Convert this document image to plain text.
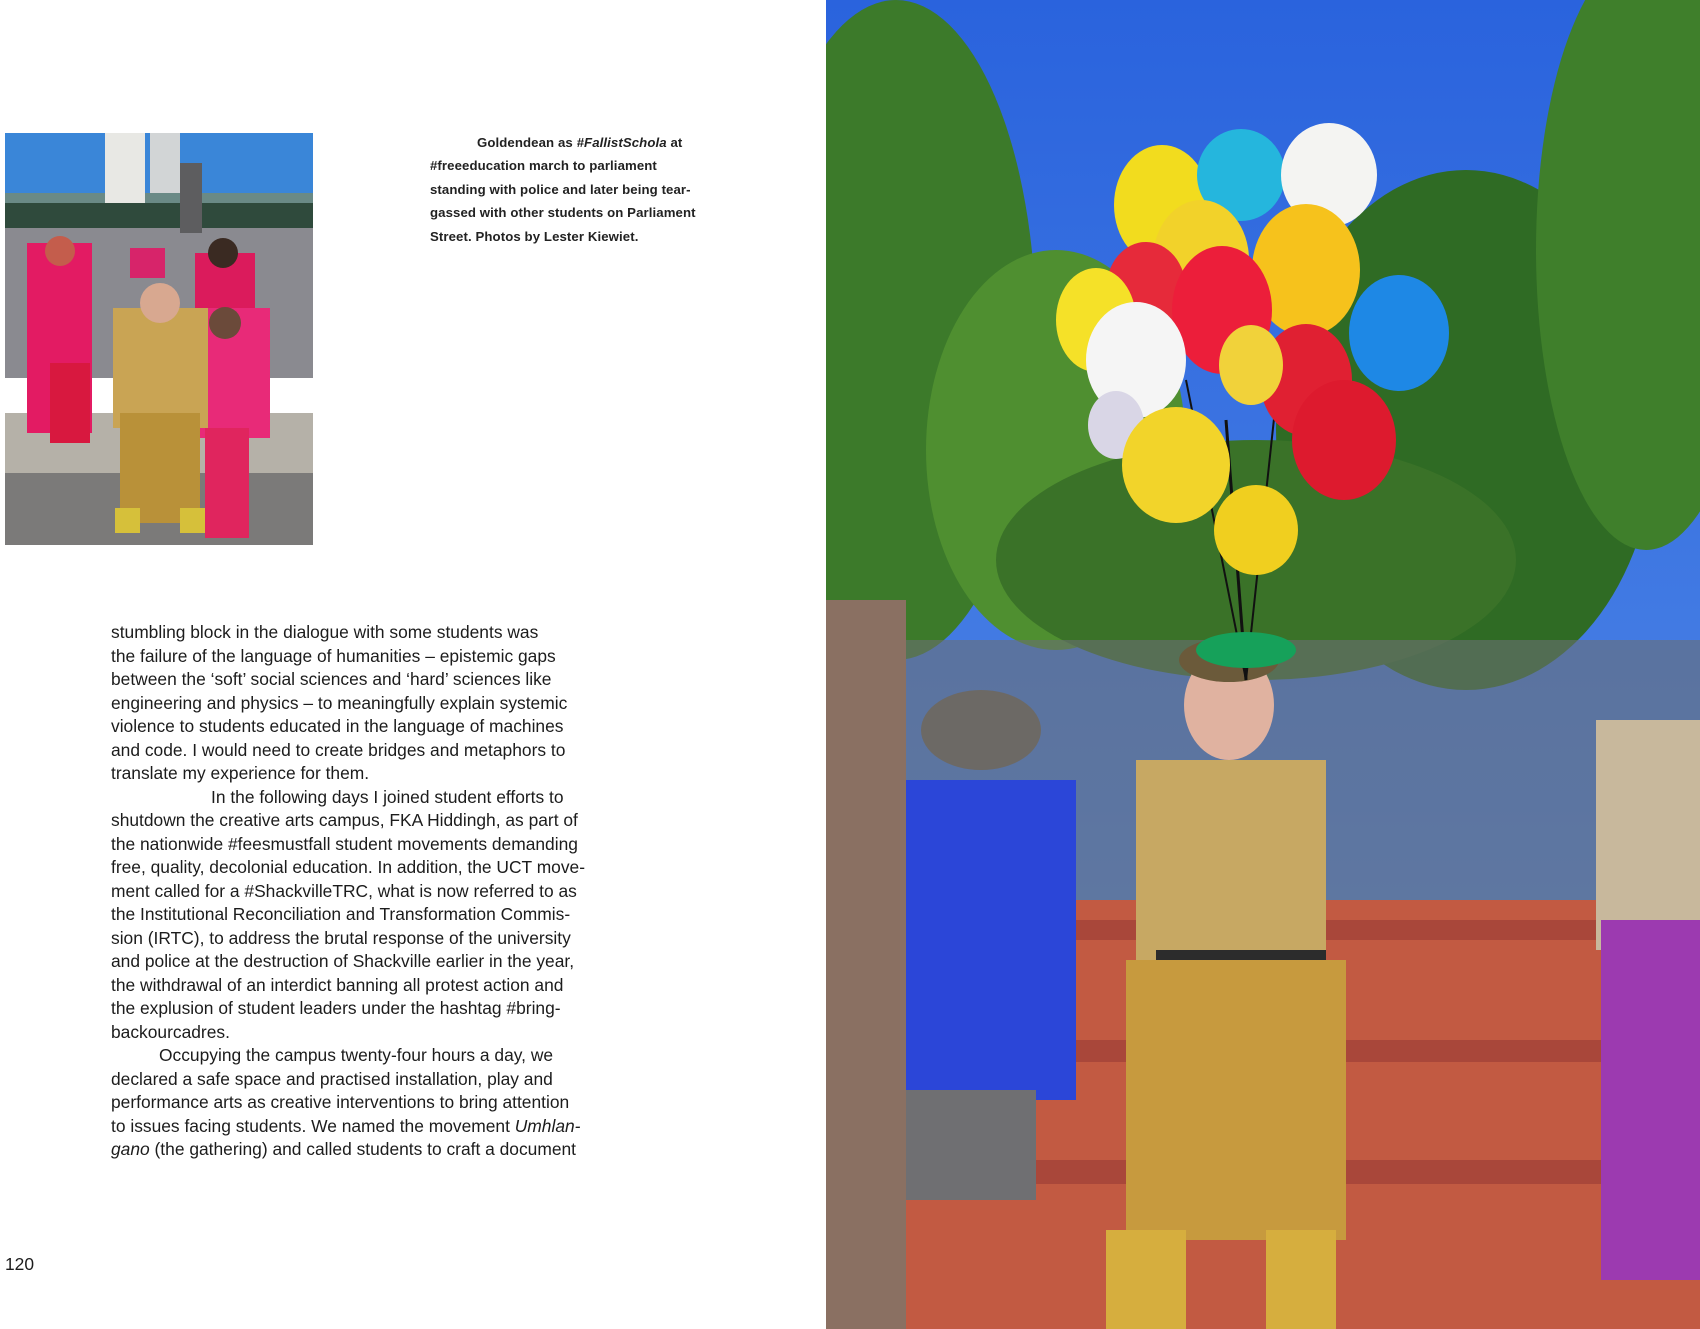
Goldendean as #FallistSchola at
#freeeducation march to parliament
standing with police and later being tear-
gassed with other students on Parliament
Street. Photos by Lester Kiewiet.
stumbling block in the dialogue with some students was
the failure of the language of humanities – epistemic gaps
between the ‘soft’ social sciences and ‘hard’ sciences like
engineering and physics – to meaningfully explain systemic
violence to students educated in the language of machines
and code. I would need to create bridges and metaphors to
translate my experience for them.
In the following days I joined student efforts to
shutdown the creative arts campus, FKA Hiddingh, as part of
the nationwide #feesmustfall student movements demanding
free, quality, decolonial education. In addition, the UCT move-
ment called for a #ShackvilleTRC, what is now referred to as
the Institutional Reconciliation and Transformation Commis-
sion (IRTC), to address the brutal response of the university
and police at the destruction of Shackville earlier in the year,
the withdrawal of an interdict banning all protest action and
the explusion of student leaders under the hashtag #bring-
backourcadres.
Occupying the campus twenty-four hours a day, we
declared a safe space and practised installation, play and
performance arts as creative interventions to bring attention
to issues facing students. We named the movement Umhlan-
gano (the gathering) and called students to craft a document
120
